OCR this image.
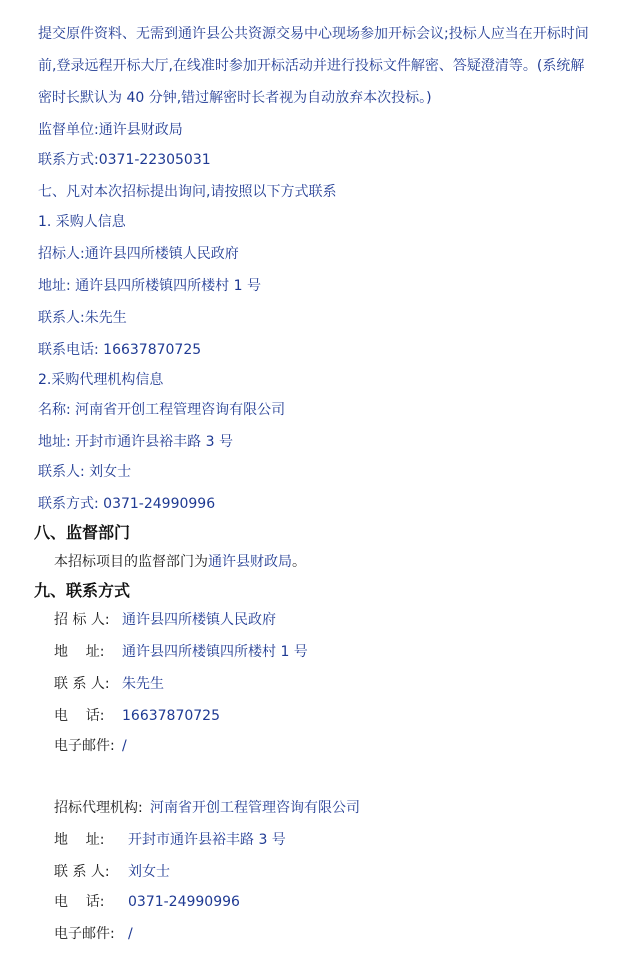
提交原件资料、无需到通许县公共资源交易中心现场参加开标会议;投标人应当在开标时间
前,登录远程开标大厅,在线准时参加开标活动并进行投标文件解密、答疑澄清等。(系统解
密时长默认为 40 分钟,错过解密时长者视为自动放弃本次投标。)
监督单位:通许县财政局
联系方式:0371-22305031
七、凡对本次招标提出询问,请按照以下方式联系
1. 采购人信息
招标人:通许县四所楼镇人民政府
地址: 通许县四所楼镇四所楼村 1 号
联系人:朱先生
联系电话: 16637870725
2.采购代理机构信息
名称: 河南省开创工程管理咨询有限公司
地址: 开封市通许县裕丰路 3 号
联系人: 刘女士
联系方式: 0371-24990996
八、监督部门
本招标项目的监督部门为通许县财政局。
九、联系方式
招 标 人: 通许县四所楼镇人民政府
地    址: 通许县四所楼镇四所楼村 1 号
联 系 人: 朱先生
电    话: 16637870725
电子邮件: /
招标代理机构: 河南省开创工程管理咨询有限公司
地    址: 开封市通许县裕丰路 3 号
联 系 人: 刘女士
电    话: 0371-24990996
电子邮件: /
